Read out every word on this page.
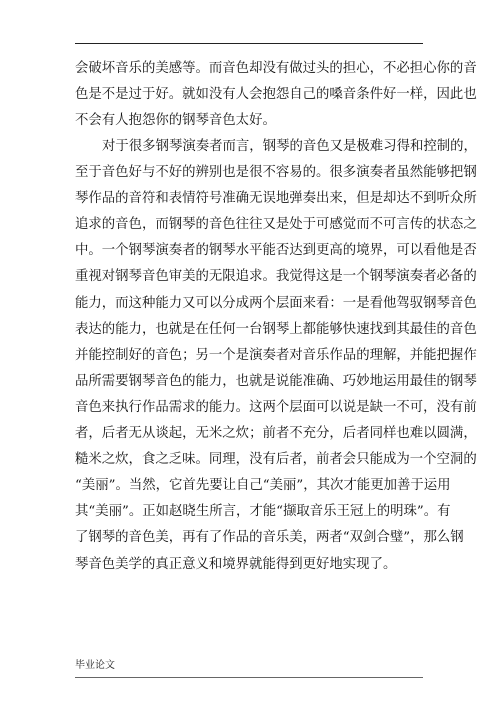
会破坏音乐的美感等。而音色却没有做过头的担心，不必担心你的音
色是不是过于好。就如没有人会抱怨自己的嗓音条件好一样，因此也
不会有人抱怨你的钢琴音色太好。
对于很多钢琴演奏者而言，钢琴的音色又是极难习得和控制的，
至于音色好与不好的辨别也是很不容易的。很多演奏者虽然能够把钢
琴作品的音符和表情符号准确无误地弹奏出来，但是却达不到听众所
追求的音色，而钢琴的音色往往又是处于可感觉而不可言传的状态之
中。一个钢琴演奏者的钢琴水平能否达到更高的境界，可以看他是否
重视对钢琴音色审美的无限追求。我觉得这是一个钢琴演奏者必备的
能力，而这种能力又可以分成两个层面来看：一是看他驾驭钢琴音色
表达的能力，也就是在任何一台钢琴上都能够快速找到其最佳的音色
并能控制好的音色；另一个是演奏者对音乐作品的理解，并能把握作
品所需要钢琴音色的能力，也就是说能准确、巧妙地运用最佳的钢琴
音色来执行作品需求的能力。这两个层面可以说是缺一不可，没有前
者，后者无从谈起，无米之炊；前者不充分，后者同样也难以圆满，
糙米之炊，食之乏味。同理，没有后者，前者会只能成为一个空洞的
“美丽”。当然，它首先要让自己“美丽”，其次才能更加善于运用
其“美丽”。正如赵晓生所言，才能“撷取音乐王冠上的明珠”。有
了钢琴的音色美，再有了作品的音乐美，两者“双剑合璧”，那么钢
琴音色美学的真正意义和境界就能得到更好地实现了。
毕业论文
